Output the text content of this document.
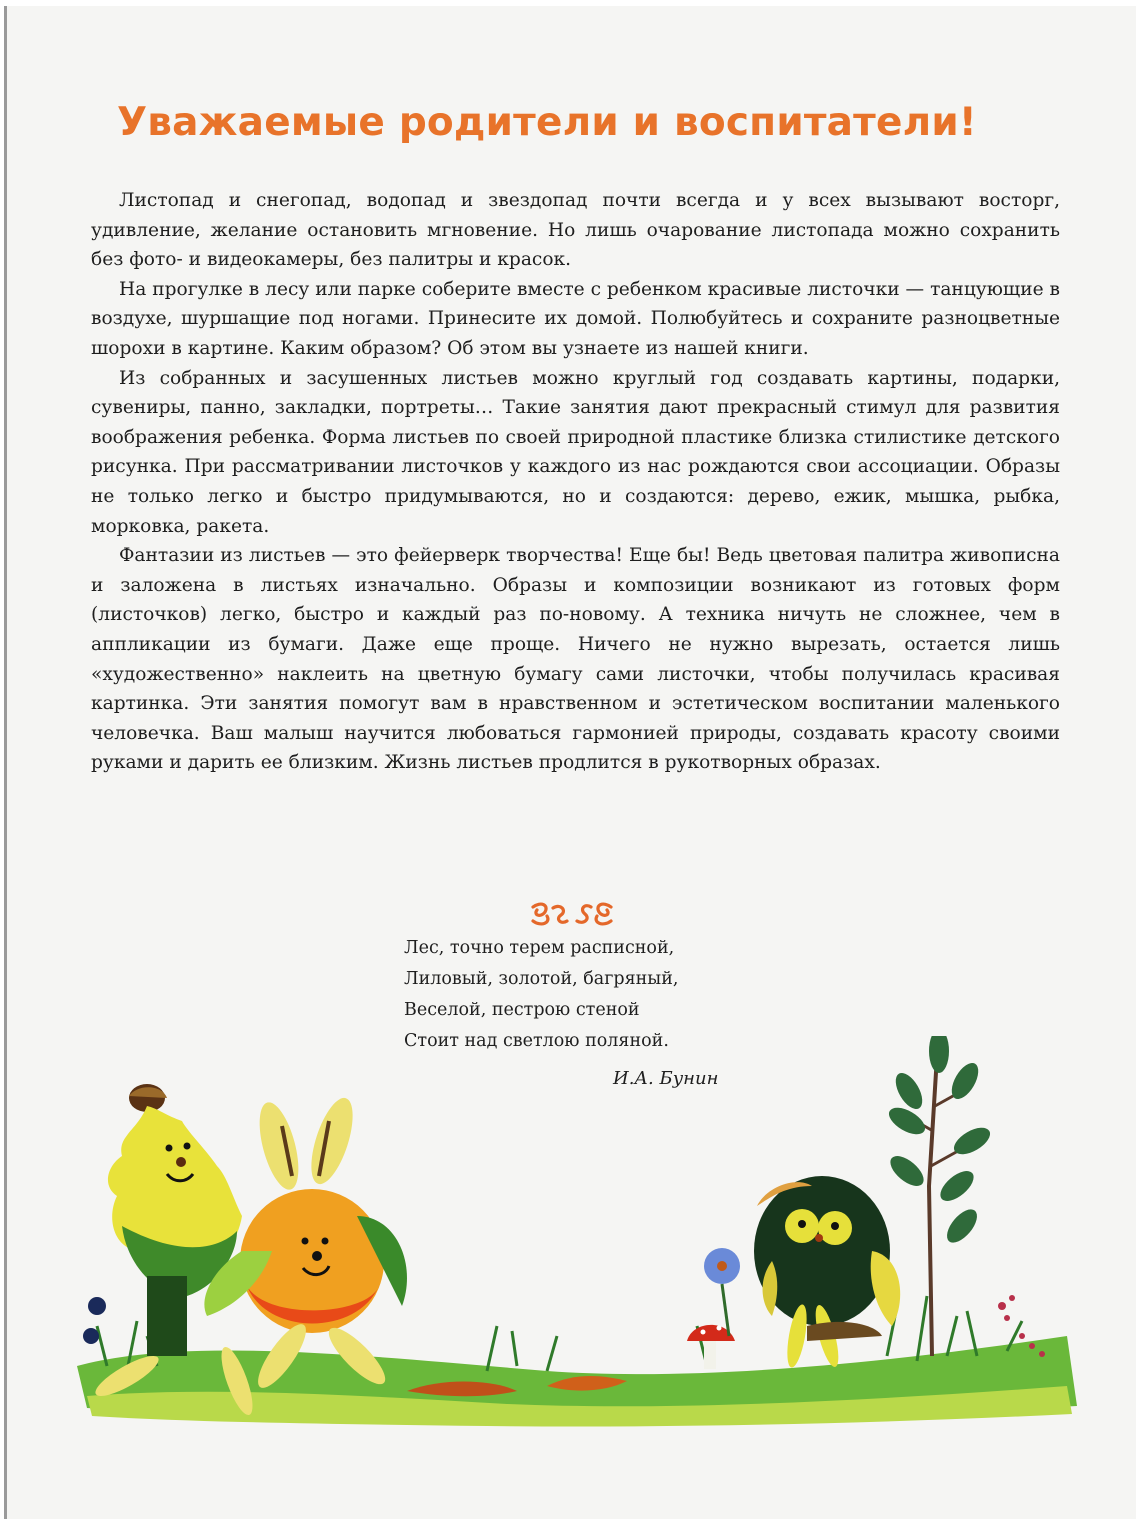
Уважаемые родители и воспитатели!

Листопад и снегопад, водопад и звездопад почти всегда и у всех вызывают восторг, удивление, желание остановить мгновение. Но лишь очарование листопада можно сохранить без фото- и видеокамеры, без палитры и красок.

На прогулке в лесу или парке соберите вместе с ребенком красивые листочки — танцующие в воздухе, шуршащие под ногами. Принесите их домой. Полюбуйтесь и сохраните разноцветные шорохи в картине. Каким образом? Об этом вы узнаете из нашей книги.

Из собранных и засушенных листьев можно круглый год создавать картины, подарки, сувениры, панно, закладки, портреты… Такие занятия дают прекрасный стимул для развития воображения ребенка. Форма листьев по своей природной пластике близка стилистике детского рисунка. При рассматривании листочков у каждого из нас рождаются свои ассоциации. Образы не только легко и быстро придумываются, но и создаются: дерево, ежик, мышка, рыбка, морковка, ракета.

Фантазии из листьев — это фейерверк творчества! Еще бы! Ведь цветовая палитра живописна и заложена в листьях изначально. Образы и композиции возникают из готовых форм (листочков) легко, быстро и каждый раз по-новому. А техника ничуть не сложнее, чем в аппликации из бумаги. Даже еще проще. Ничего не нужно вырезать, остается лишь «художественно» наклеить на цветную бумагу сами листочки, чтобы получилась красивая картинка. Эти занятия помогут вам в нравственном и эстетическом воспитании маленького человечка. Ваш малыш научится любоваться гармонией природы, создавать красоту своими руками и дарить ее близким. Жизнь листьев продлится в рукотворных образах.

Лес, точно терем расписной,
Лиловый, золотой, багряный,
Веселой, пестрою стеной
Стоит над светлою поляной.
И.А. Бунин
